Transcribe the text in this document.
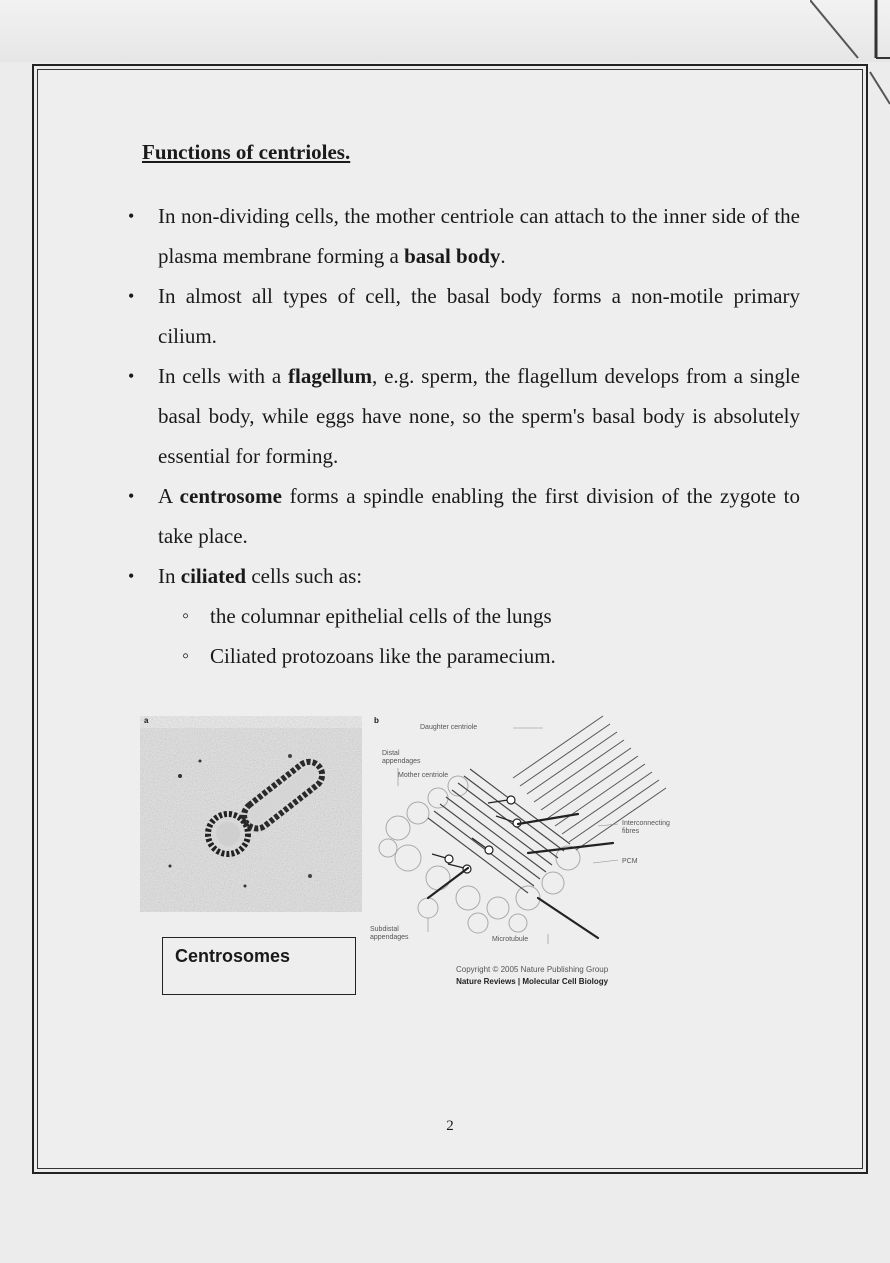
Functions of centrioles.
• In non-dividing cells, the mother centriole can attach to the inner side of the plasma membrane forming a basal body.
• In almost all types of cell, the basal body forms a non-motile primary cilium.
• In cells with a flagellum, e.g. sperm, the flagellum develops from a single basal body, while eggs have none, so the sperm's basal body is absolutely essential for forming.
• A centrosome forms a spindle enabling the first division of the zygote to take place.
• In ciliated cells such as:
◦ the columnar epithelial cells of the lungs
◦ Ciliated protozoans like the paramecium.
a	b
Daughter centriole
Distal
appendages
Mother centriole
Interconnecting
fibres
PCM
Subdistal
appendages	Microtubule
Centrosomes
Copyright © 2005 Nature Publishing Group
Nature Reviews | Molecular Cell Biology
2
